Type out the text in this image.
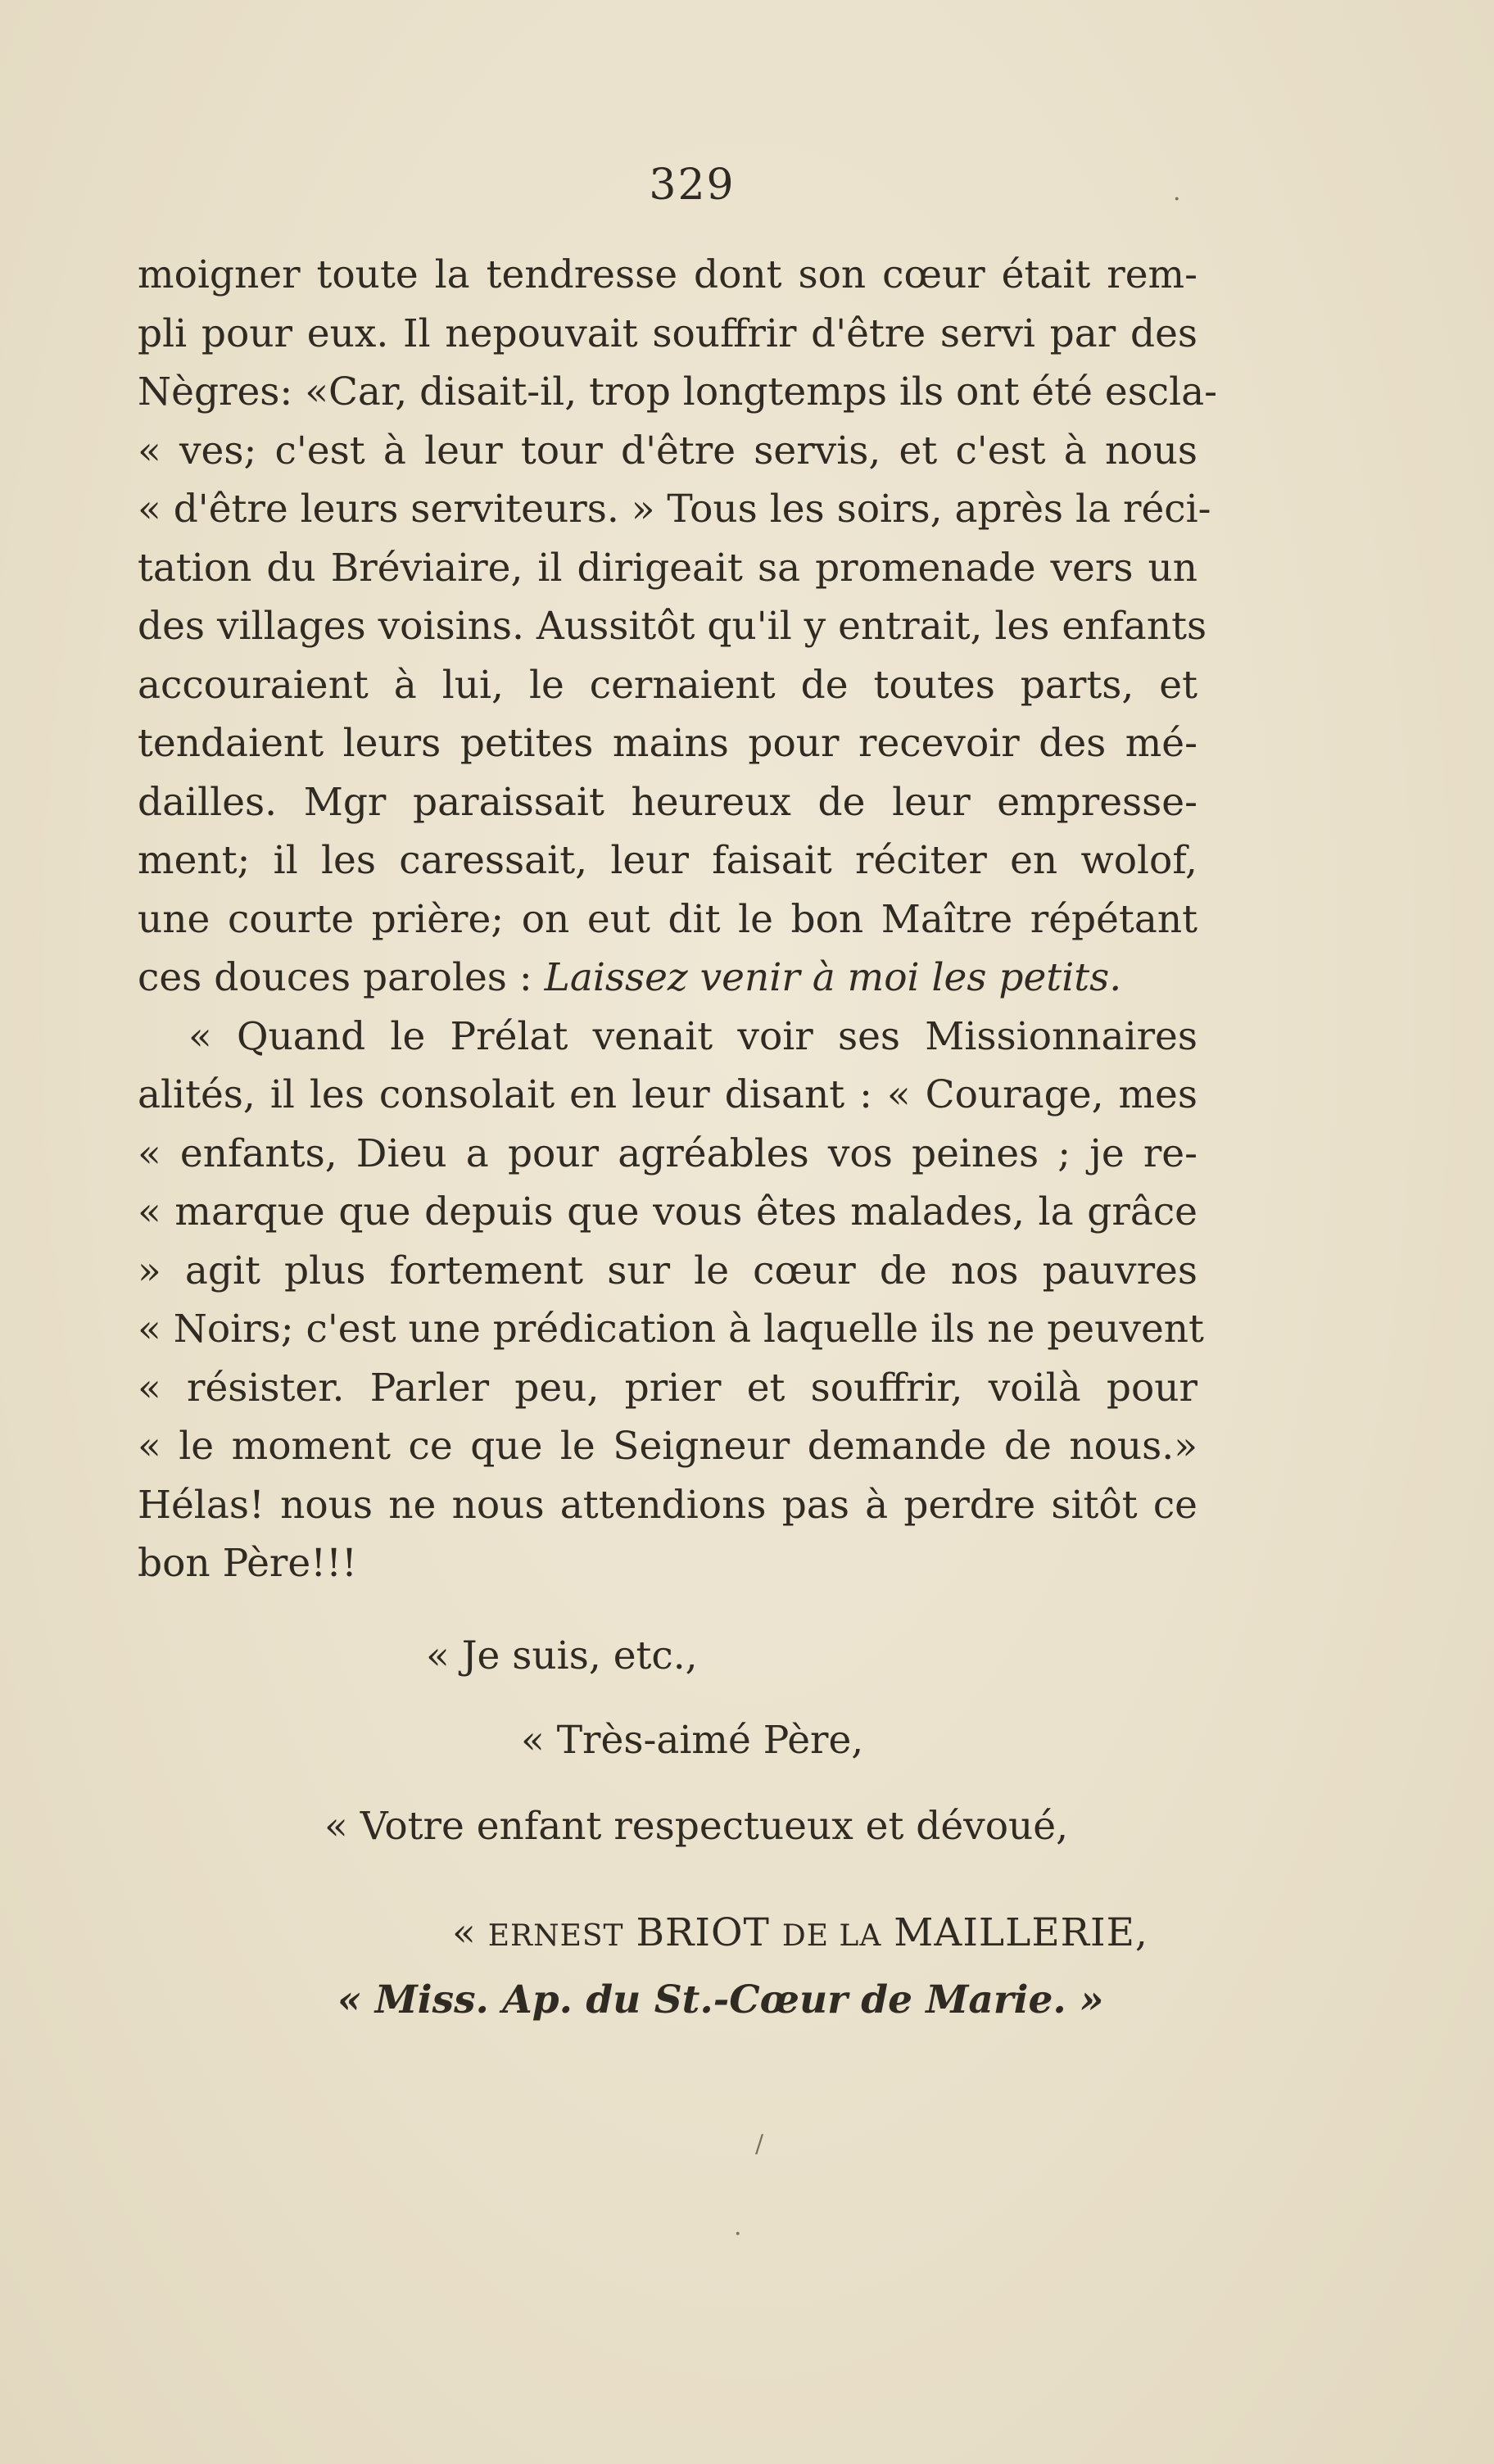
329	·
/
·
moigner toute la tendresse dont son cœur était rem-
pli pour eux. Il nepouvait souffrir d'être servi par des
Nègres: «Car, disait-il, trop longtemps ils ont été escla-
« ves; c'est à leur tour d'être servis, et c'est à nous
« d'être leurs serviteurs. » Tous les soirs, après la réci-
tation du Bréviaire, il dirigeait sa promenade vers un
des villages voisins. Aussitôt qu'il y entrait, les enfants
accouraient à lui, le cernaient de toutes parts, et
tendaient leurs petites mains pour recevoir des mé-
dailles. Mgr paraissait heureux de leur empresse-
ment; il les caressait, leur faisait réciter en wolof,
une courte prière; on eut dit le bon Maître répétant
ces douces paroles : Laissez venir à moi les petits.
« Quand le Prélat venait voir ses Missionnaires
alités, il les consolait en leur disant : « Courage, mes
« enfants, Dieu a pour agréables vos peines ; je re-
« marque que depuis que vous êtes malades, la grâce
» agit plus fortement sur le cœur de nos pauvres
« Noirs; c'est une prédication à laquelle ils ne peuvent
« résister. Parler peu, prier et souffrir, voilà pour
« le moment ce que le Seigneur demande de nous.»
Hélas! nous ne nous attendions pas à perdre sitôt ce
bon Père!!!
« Je suis, etc.,
« Très-aimé Père,
« Votre enfant respectueux et dévoué,
« ERNEST BRIOT DE LA MAILLERIE,
« Miss. Ap. du St.-Cœur de Marie. »
